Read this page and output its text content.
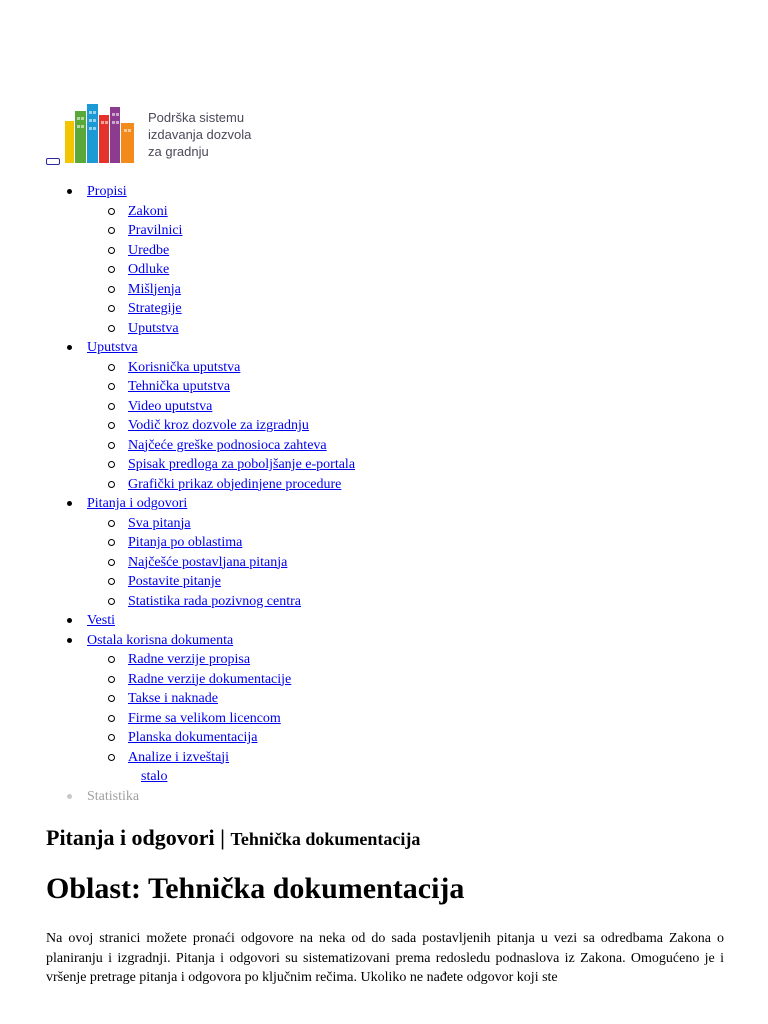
Podrška sistemu
izdavanja dozvola
za gradnju
Propisi
Zakoni
Pravilnici
Uredbe
Odluke
Mišljenja
Strategije
Uputstva
Uputstva
Korisnička uputstva
Tehnička uputstva
Video uputstva
Vodič kroz dozvole za izgradnju
Najčeće greške podnosioca zahteva
Spisak predloga za poboljšanje e-portala
Grafički prikaz objedinjene procedure
Pitanja i odgovori
Sva pitanja
Pitanja po oblastima
Najčešće postavljana pitanja
Postavite pitanje
Statistika rada pozivnog centra
Vesti
Ostala korisna dokumenta
Radne verzije propisa
Radne verzije dokumentacije
Takse i naknade
Firme sa velikom licencom
Planska dokumentacija
Analize i izveštaji
stalo
Statistika
Pitanja i odgovori | Tehnička dokumentacija
Oblast: Tehnička dokumentacija

Na ovoj stranici možete pronaći odgovore na neka od do sada postavljenih pitanja u vezi sa odredbama Zakona o planiranju i izgradnji. Pitanja i odgovori su sistematizovani prema redosledu podnaslova iz Zakona. Omogućeno je i vršenje pretrage pitanja i odgovora po ključnim rečima. Ukoliko ne nađete odgovor koji ste
